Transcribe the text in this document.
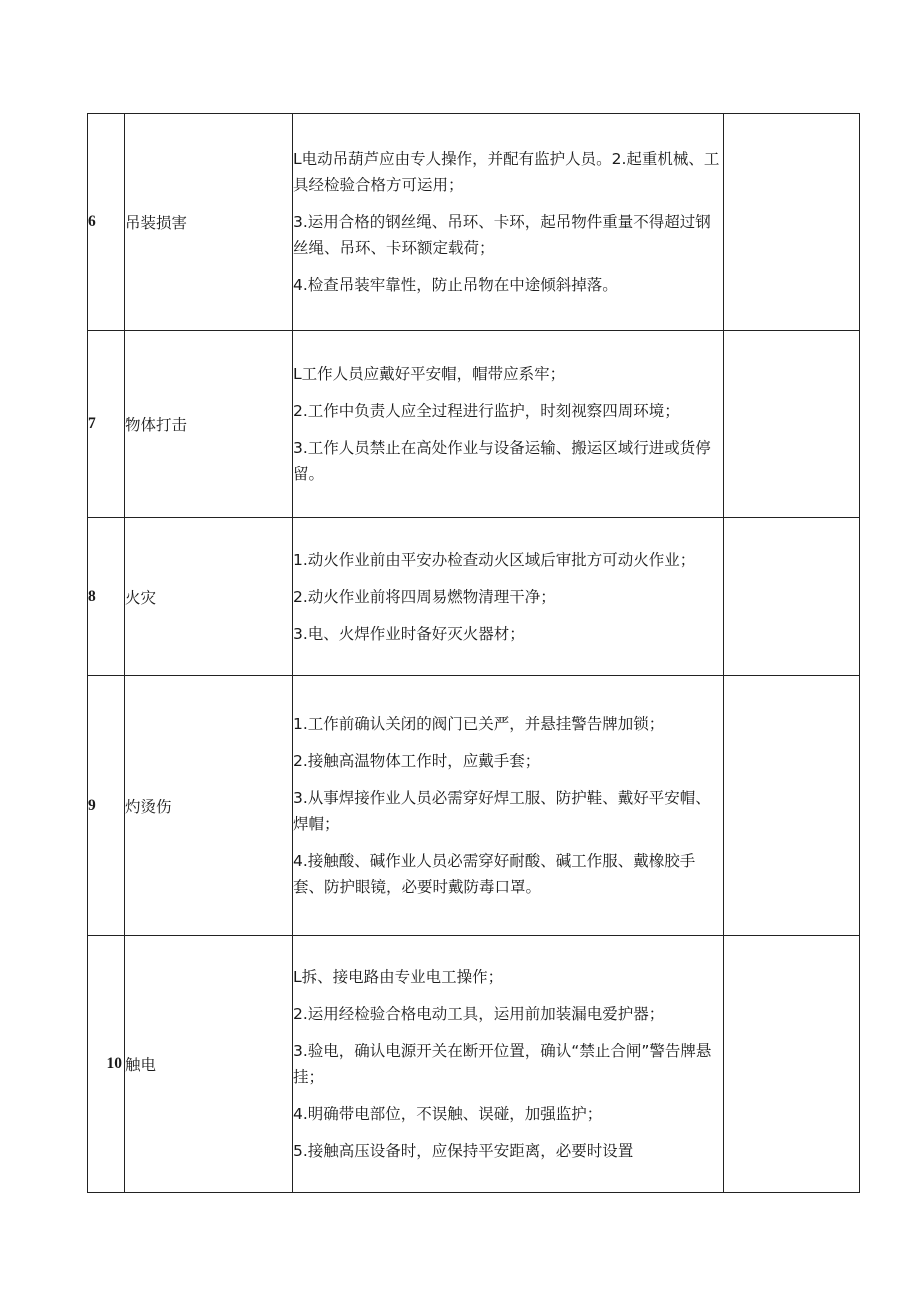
6	吊装损害	L电动吊葫芦应由专人操作，并配有监护人员。2.起重机械、工具经检验合格方可运用；

3.运用合格的钢丝绳、吊环、卡环，起吊物件重量不得超过钢丝绳、吊环、卡环额定载荷；

4.检查吊装牢靠性，防止吊物在中途倾斜掉落。	

7	物体打击	L工作人员应戴好平安帽，帽带应系牢；

2.工作中负责人应全过程进行监护，时刻视察四周环境；

3.工作人员禁止在高处作业与设备运输、搬运区域行进或货停留。	

8	火灾	1.动火作业前由平安办检查动火区域后审批方可动火作业；

2.动火作业前将四周易燃物清理干净；

3.电、火焊作业时备好灭火器材；	

9	灼烫伤	1.工作前确认关闭的阀门已关严，并悬挂警告牌加锁；

2.接触高温物体工作时，应戴手套；

3.从事焊接作业人员必需穿好焊工服、防护鞋、戴好平安帽、焊帽；

4.接触酸、碱作业人员必需穿好耐酸、碱工作服、戴橡胶手套、防护眼镜，必要时戴防毒口罩。	

10	触电	L拆、接电路由专业电工操作；

2.运用经检验合格电动工具，运用前加装漏电爱护器；

3.验电，确认电源开关在断开位置，确认“禁止合闸”警告牌悬挂；

4.明确带电部位，不误触、误碰，加强监护；

5.接触高压设备时，应保持平安距离，必要时设置	
